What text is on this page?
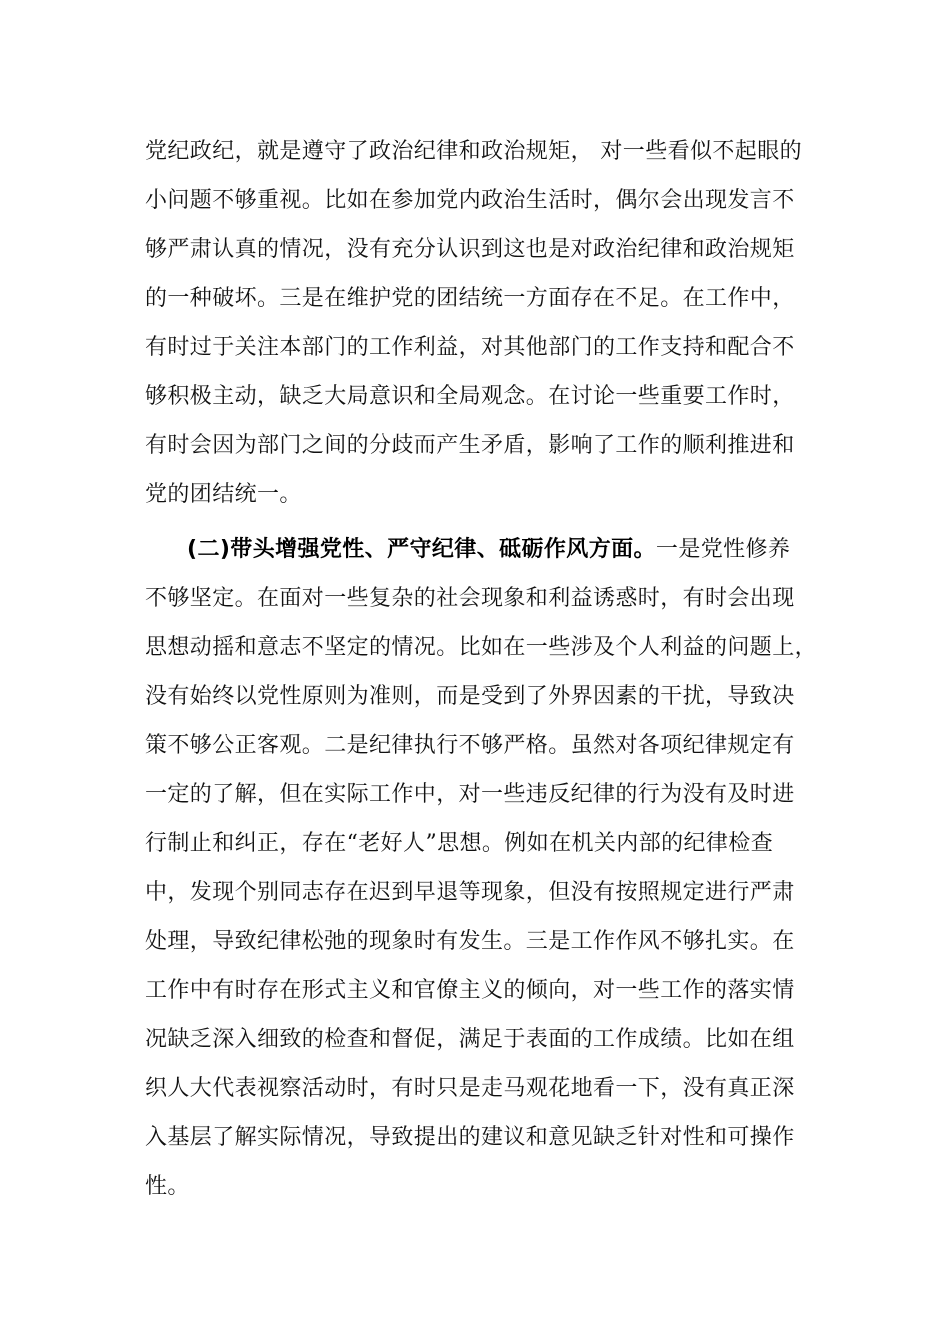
党纪政纪，就是遵守了政治纪律和政治规矩， 对一些看似不起眼的
小问题不够重视。比如在参加党内政治生活时，偶尔会出现发言不
够严肃认真的情况，没有充分认识到这也是对政治纪律和政治规矩
的一种破坏。三是在维护党的团结统一方面存在不足。在工作中，
有时过于关注本部门的工作利益，对其他部门的工作支持和配合不
够积极主动，缺乏大局意识和全局观念。在讨论一些重要工作时，
有时会因为部门之间的分歧而产生矛盾，影响了工作的顺利推进和
党的团结统一。
(二)带头增强党性、严守纪律、砥砺作风方面。一是党性修养
不够坚定。在面对一些复杂的社会现象和利益诱惑时，有时会出现
思想动摇和意志不坚定的情况。比如在一些涉及个人利益的问题上，
没有始终以党性原则为准则，而是受到了外界因素的干扰，导致决
策不够公正客观。二是纪律执行不够严格。虽然对各项纪律规定有
一定的了解，但在实际工作中，对一些违反纪律的行为没有及时进
行制止和纠正，存在“老好人”思想。例如在机关内部的纪律检查
中，发现个别同志存在迟到早退等现象，但没有按照规定进行严肃
处理，导致纪律松弛的现象时有发生。三是工作作风不够扎实。在
工作中有时存在形式主义和官僚主义的倾向，对一些工作的落实情
况缺乏深入细致的检查和督促，满足于表面的工作成绩。比如在组
织人大代表视察活动时，有时只是走马观花地看一下，没有真正深
入基层了解实际情况，导致提出的建议和意见缺乏针对性和可操作
性。
